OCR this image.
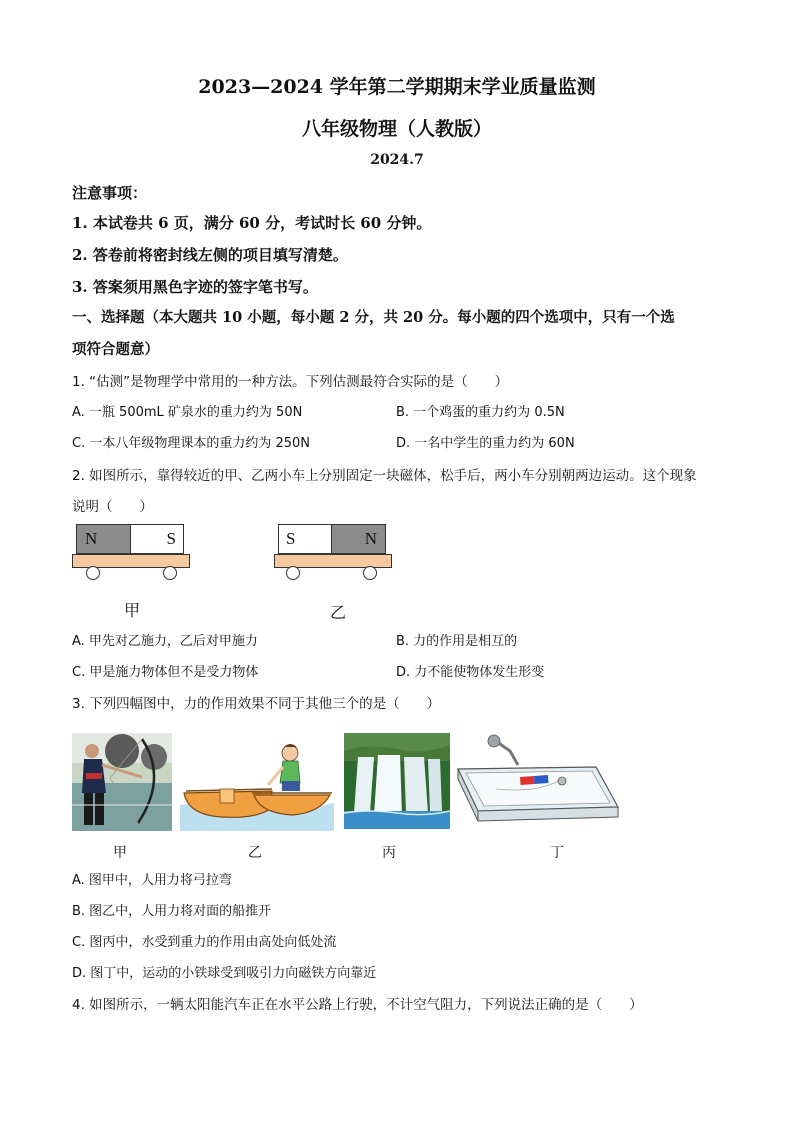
2023—2024 学年第二学期期末学业质量监测
八年级物理（人教版）
2024.7
注意事项：
1. 本试卷共 6 页，满分 60 分，考试时长 60 分钟。
2. 答卷前将密封线左侧的项目填写清楚。
3. 答案须用黑色字迹的签字笔书写。
一、选择题（本大题共 10 小题，每小题 2 分，共 20 分。每小题的四个选项中，只有一个选
项符合题意）
1. “估测”是物理学中常用的一种方法。下列估测最符合实际的是（　　）
A. 一瓶 500mL 矿泉水的重力约为 50N	B. 一个鸡蛋的重力约为 0.5N
C. 一本八年级物理课本的重力约为 250N	D. 一名中学生的重力约为 60N
2. 如图所示，靠得较近的甲、乙两小车上分别固定一块磁体，松手后，两小车分别朝两边运动。这个现象
说明（　　）
N	S
甲
S	N
乙
A. 甲先对乙施力，乙后对甲施力	B. 力的作用是相互的
C. 甲是施力物体但不是受力物体	D. 力不能使物体发生形变
3. 下列四幅图中，力的作用效果不同于其他三个的是（　　）
甲	乙	丙	丁
A. 图甲中，人用力将弓拉弯
B. 图乙中，人用力将对面的船推开
C. 图丙中，水受到重力的作用由高处向低处流
D. 图丁中，运动的小铁球受到吸引力向磁铁方向靠近
4. 如图所示，一辆太阳能汽车正在水平公路上行驶，不计空气阻力，下列说法正确的是（　　）
